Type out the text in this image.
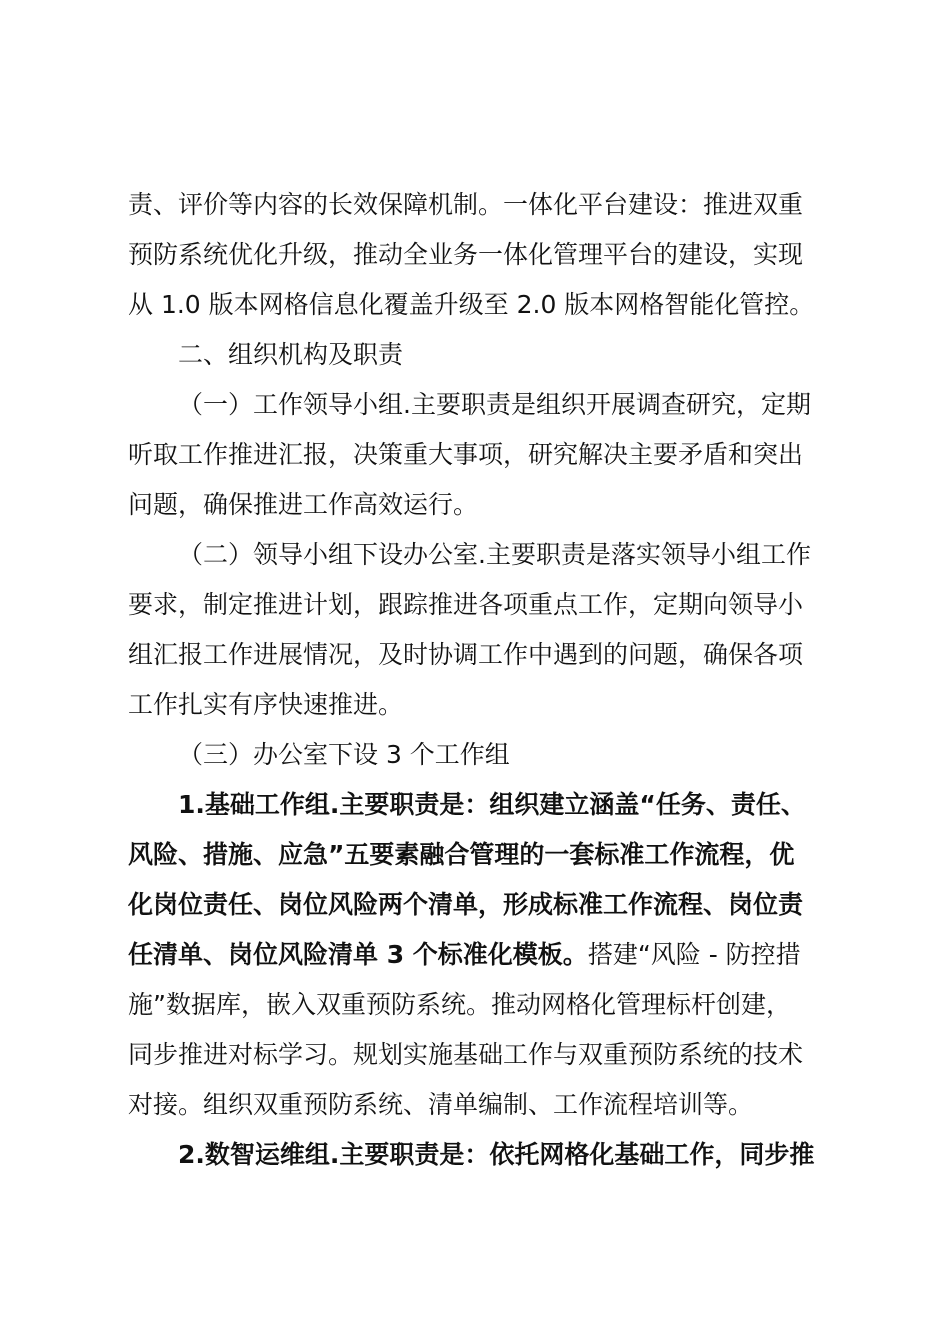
责、评价等内容的长效保障机制。一体化平台建设：推进双重
预防系统优化升级，推动全业务一体化管理平台的建设，实现
从 1.0 版本网格信息化覆盖升级至 2.0 版本网格智能化管控。
二、组织机构及职责
（一）工作领导小组.主要职责是组织开展调查研究，定期
听取工作推进汇报，决策重大事项，研究解决主要矛盾和突出
问题，确保推进工作高效运行。
（二）领导小组下设办公室.主要职责是落实领导小组工作
要求，制定推进计划，跟踪推进各项重点工作，定期向领导小
组汇报工作进展情况，及时协调工作中遇到的问题，确保各项
工作扎实有序快速推进。
（三）办公室下设 3 个工作组
1.基础工作组.主要职责是：组织建立涵盖“任务、责任、
风险、措施、应急”五要素融合管理的一套标准工作流程，优
化岗位责任、岗位风险两个清单，形成标准工作流程、岗位责
任清单、岗位风险清单 3 个标准化模板。搭建“风险 - 防控措
施”数据库，嵌入双重预防系统。推动网格化管理标杆创建，
同步推进对标学习。规划实施基础工作与双重预防系统的技术
对接。组织双重预防系统、清单编制、工作流程培训等。
2.数智运维组.主要职责是：依托网格化基础工作，同步推
